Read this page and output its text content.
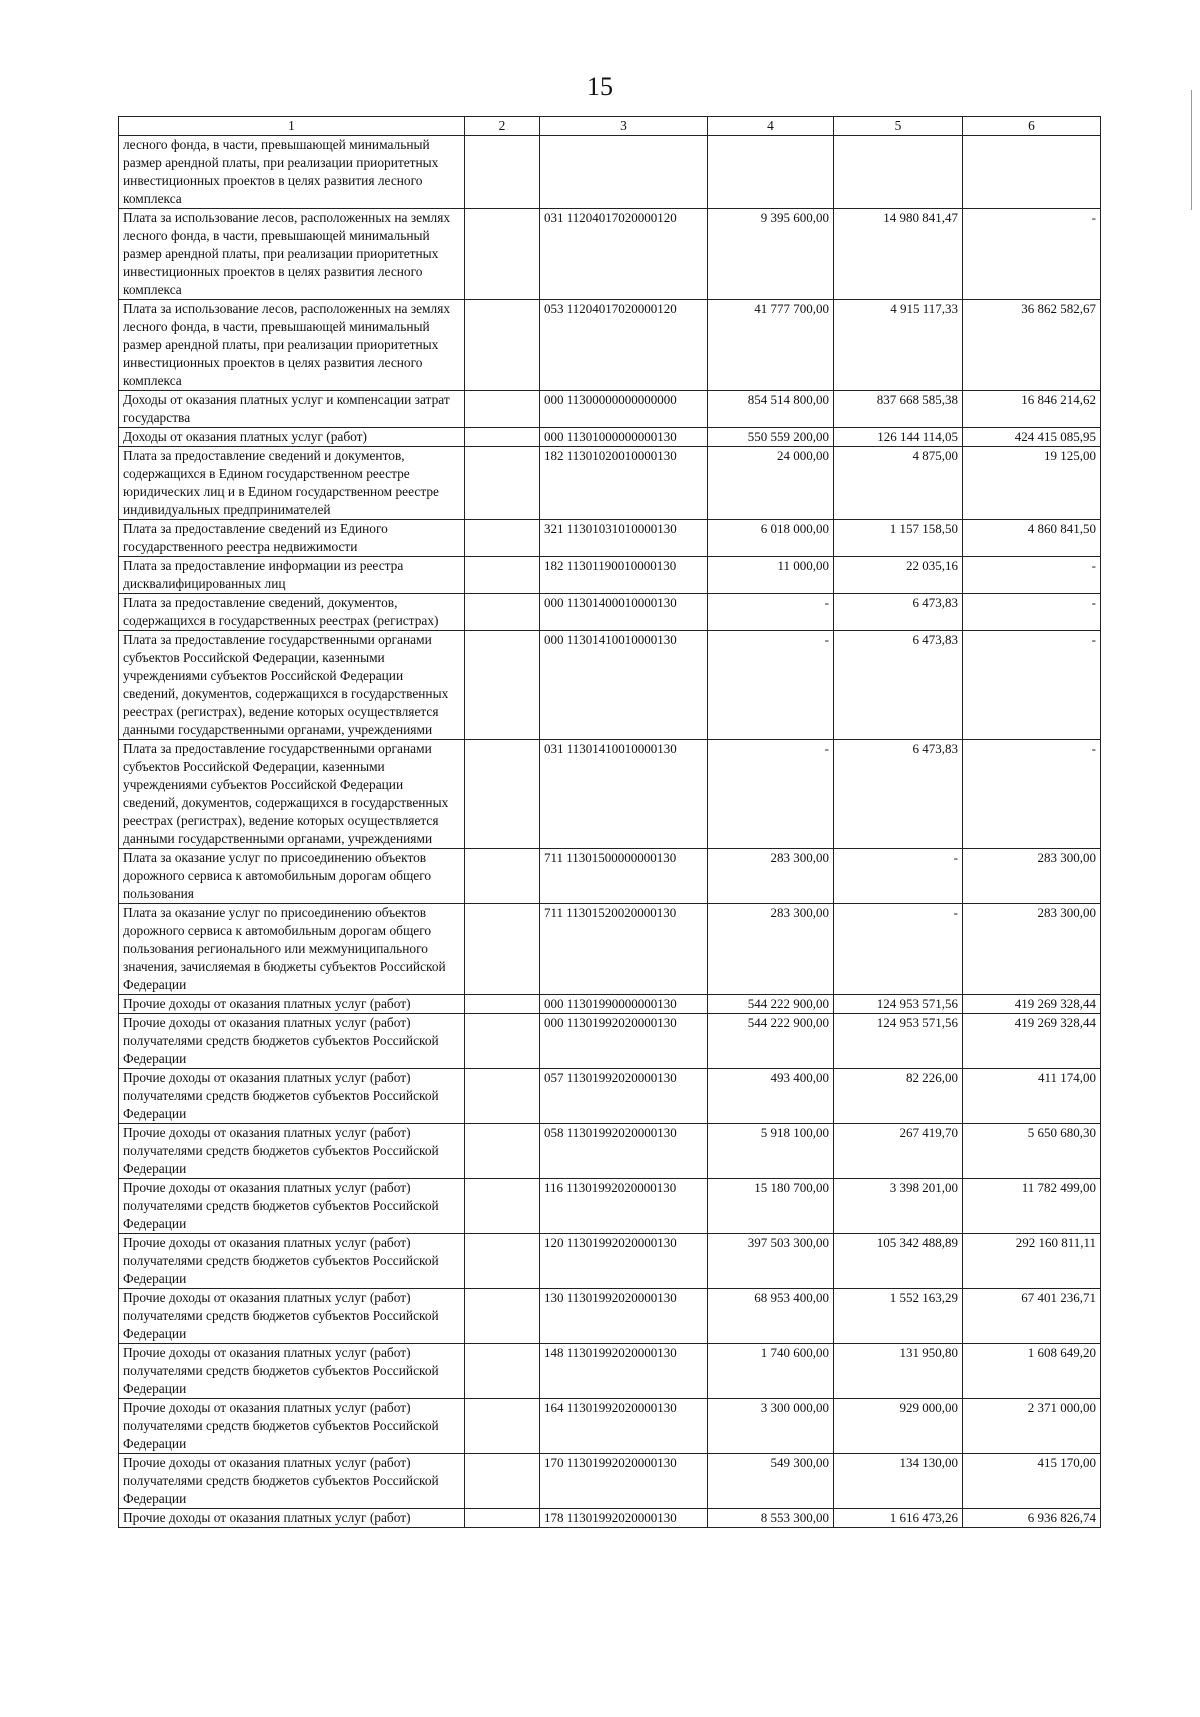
15
1	2	3	4	5	6
лесного фонда, в части, превышающей минимальный размер арендной платы, при реализации приоритетных инвестиционных проектов в целях развития лесного комплекса					
Плата за использование лесов, расположенных на землях лесного фонда, в части, превышающей минимальный размер арендной платы, при реализации приоритетных инвестиционных проектов в целях развития лесного комплекса		031 11204017020000120	9 395 600,00	14 980 841,47	-
Плата за использование лесов, расположенных на землях лесного фонда, в части, превышающей минимальный размер арендной платы, при реализации приоритетных инвестиционных проектов в целях развития лесного комплекса		053 11204017020000120	41 777 700,00	4 915 117,33	36 862 582,67
Доходы от оказания платных услуг и компенсации затрат государства		000 11300000000000000	854 514 800,00	837 668 585,38	16 846 214,62
Доходы от оказания платных услуг (работ)		000 11301000000000130	550 559 200,00	126 144 114,05	424 415 085,95
Плата за предоставление сведений и документов, содержащихся в Едином государственном реестре юридических лиц и в Едином государственном реестре индивидуальных предпринимателей		182 11301020010000130	24 000,00	4 875,00	19 125,00
Плата за предоставление сведений из Единого государственного реестра недвижимости		321 11301031010000130	6 018 000,00	1 157 158,50	4 860 841,50
Плата за предоставление информации из реестра дисквалифицированных лиц		182 11301190010000130	11 000,00	22 035,16	-
Плата за предоставление сведений, документов, содержащихся в государственных реестрах (регистрах)		000 11301400010000130	-	6 473,83	-
Плата за предоставление государственными органами субъектов Российской Федерации, казенными учреждениями субъектов Российской Федерации сведений, документов, содержащихся в государственных реестрах (регистрах), ведение которых осуществляется данными государственными органами, учреждениями		000 11301410010000130	-	6 473,83	-
Плата за предоставление государственными органами субъектов Российской Федерации, казенными учреждениями субъектов Российской Федерации сведений, документов, содержащихся в государственных реестрах (регистрах), ведение которых осуществляется данными государственными органами, учреждениями		031 11301410010000130	-	6 473,83	-
Плата за оказание услуг по присоединению объектов дорожного сервиса к автомобильным дорогам общего пользования		711 11301500000000130	283 300,00	-	283 300,00
Плата за оказание услуг по присоединению объектов дорожного сервиса к автомобильным дорогам общего пользования регионального или межмуниципального значения, зачисляемая в бюджеты субъектов Российской Федерации		711 11301520020000130	283 300,00	-	283 300,00
Прочие доходы от оказания платных услуг (работ)		000 11301990000000130	544 222 900,00	124 953 571,56	419 269 328,44
Прочие доходы от оказания платных услуг (работ) получателями средств бюджетов субъектов Российской Федерации		000 11301992020000130	544 222 900,00	124 953 571,56	419 269 328,44
Прочие доходы от оказания платных услуг (работ) получателями средств бюджетов субъектов Российской Федерации		057 11301992020000130	493 400,00	82 226,00	411 174,00
Прочие доходы от оказания платных услуг (работ) получателями средств бюджетов субъектов Российской Федерации		058 11301992020000130	5 918 100,00	267 419,70	5 650 680,30
Прочие доходы от оказания платных услуг (работ) получателями средств бюджетов субъектов Российской Федерации		116 11301992020000130	15 180 700,00	3 398 201,00	11 782 499,00
Прочие доходы от оказания платных услуг (работ) получателями средств бюджетов субъектов Российской Федерации		120 11301992020000130	397 503 300,00	105 342 488,89	292 160 811,11
Прочие доходы от оказания платных услуг (работ) получателями средств бюджетов субъектов Российской Федерации		130 11301992020000130	68 953 400,00	1 552 163,29	67 401 236,71
Прочие доходы от оказания платных услуг (работ) получателями средств бюджетов субъектов Российской Федерации		148 11301992020000130	1 740 600,00	131 950,80	1 608 649,20
Прочие доходы от оказания платных услуг (работ) получателями средств бюджетов субъектов Российской Федерации		164 11301992020000130	3 300 000,00	929 000,00	2 371 000,00
Прочие доходы от оказания платных услуг (работ) получателями средств бюджетов субъектов Российской Федерации		170 11301992020000130	549 300,00	134 130,00	415 170,00
Прочие доходы от оказания платных услуг (работ)		178 11301992020000130	8 553 300,00	1 616 473,26	6 936 826,74
